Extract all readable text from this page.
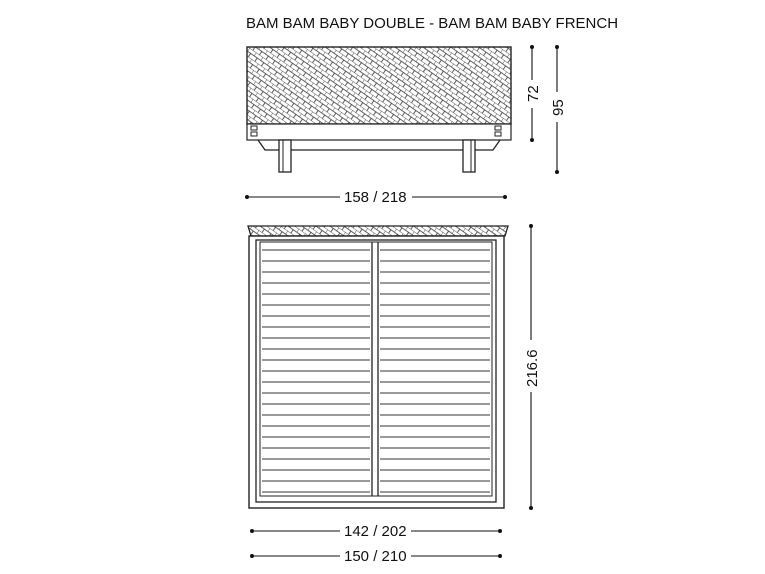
BAM BAM BABY DOUBLE - BAM BAM BABY FRENCH
72
95
158 / 218
216.6
142 / 202
150 / 210
